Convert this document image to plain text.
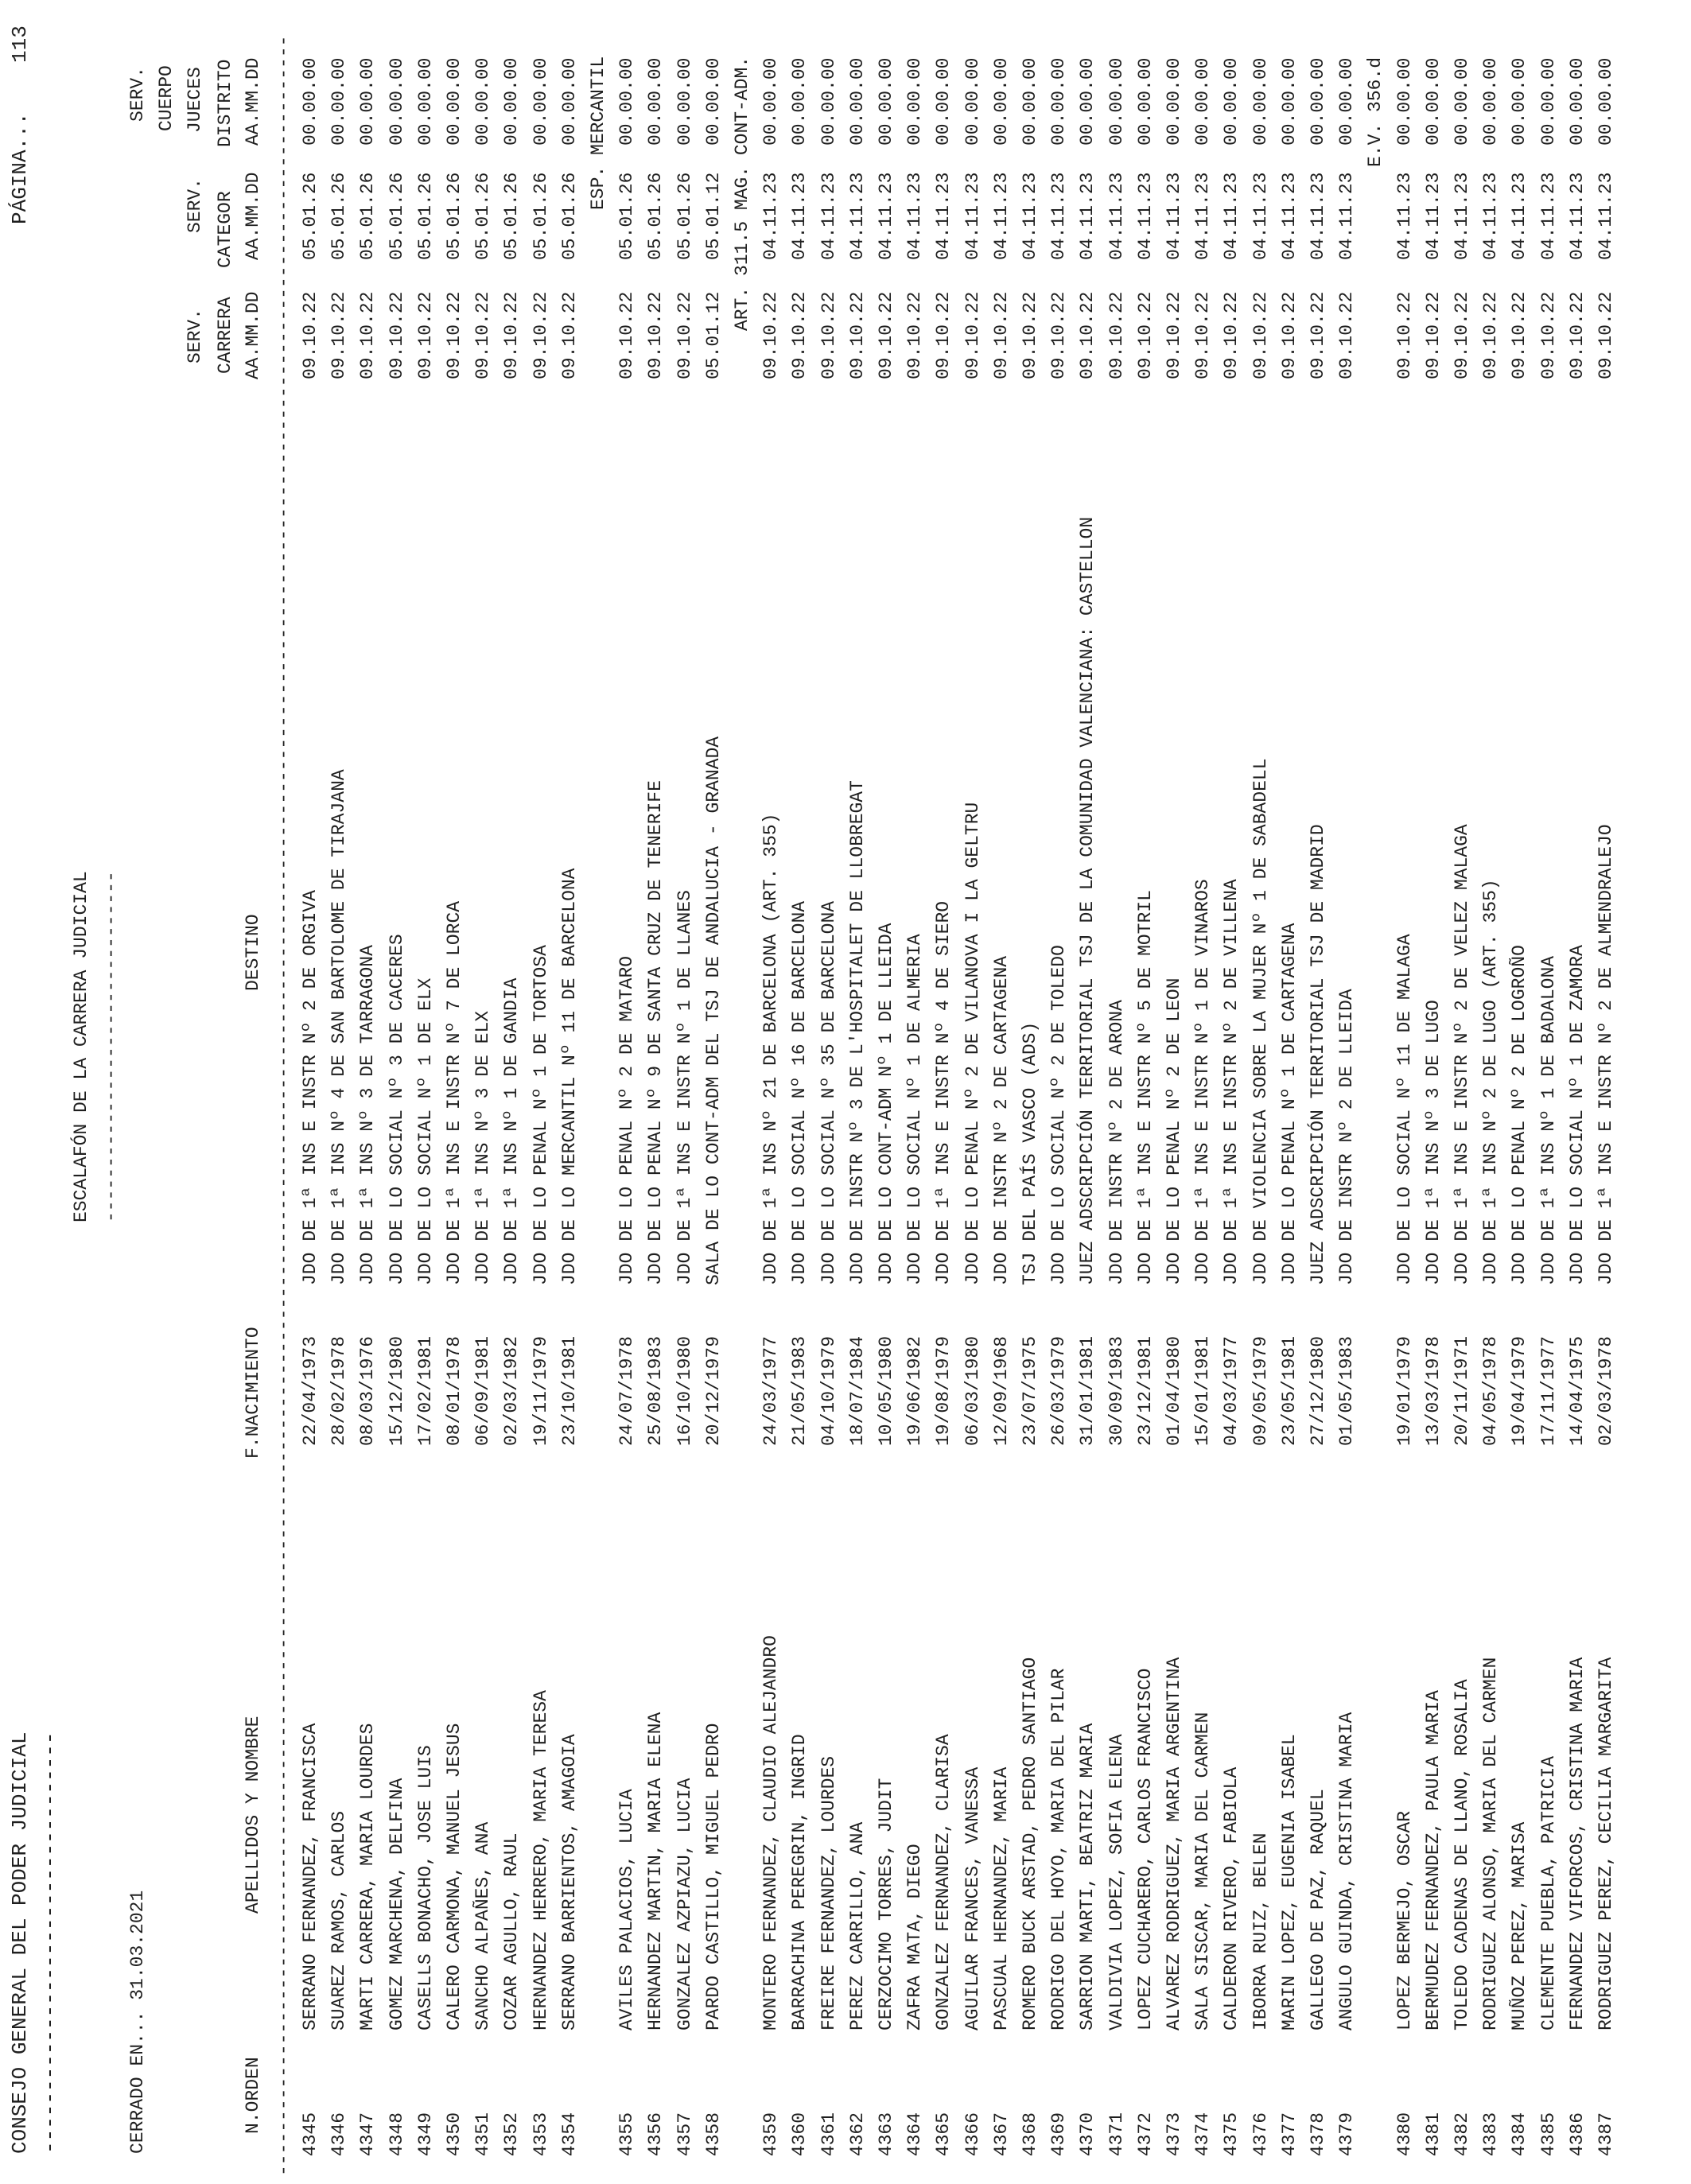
CONSEJO GENERAL DEL PODER JUDICIAL

PÁGINA...

113

----------------------------------

ESCALAFÓN DE LA CARRERA JUDICIAL

--------------------------------

CERRADO EN... 31.03.2021

SERV.

CUERPO

SERV.

SERV.

JUECES

CARRERA

CATEGOR

DISTRITO

N.ORDEN

APELLIDOS Y NOMBRE

F.NACIMIENTO

DESTINO

AA.MM.DD

AA.MM.DD

AA.MM.DD

---------------------------------------------------------------------------------------------------------------------------------------------------------------------------------------------------

4345
SERRANO FERNANDEZ, FRANCISCA
22/04/1973
JDO DE 1ª INS E INSTR Nº 2 DE ORGIVA
09.10.22
05.01.26
00.00.00
4346
SUAREZ RAMOS, CARLOS
28/02/1978
JDO DE 1ª INS Nº 4 DE SAN BARTOLOME DE TIRAJANA
09.10.22
05.01.26
00.00.00
4347
MARTI CARRERA, MARIA LOURDES
08/03/1976
JDO DE 1ª INS Nº 3 DE TARRAGONA
09.10.22
05.01.26
00.00.00
4348
GOMEZ MARCHENA, DELFINA
15/12/1980
JDO DE LO SOCIAL Nº 3 DE CACERES
09.10.22
05.01.26
00.00.00
4349
CASELLS BONACHO, JOSE LUIS
17/02/1981
JDO DE LO SOCIAL Nº 1 DE ELX
09.10.22
05.01.26
00.00.00
4350
CALERO CARMONA, MANUEL JESUS
08/01/1978
JDO DE 1ª INS E INSTR Nº 7 DE LORCA
09.10.22
05.01.26
00.00.00
4351
SANCHO ALPAÑES, ANA
06/09/1981
JDO DE 1ª INS Nº 3 DE ELX
09.10.22
05.01.26
00.00.00
4352
COZAR AGULLO, RAUL
02/03/1982
JDO DE 1ª INS Nº 1 DE GANDIA
09.10.22
05.01.26
00.00.00
4353
HERNANDEZ HERRERO, MARIA TERESA
19/11/1979
JDO DE LO PENAL Nº 1 DE TORTOSA
09.10.22
05.01.26
00.00.00
4354
SERRANO BARRIENTOS, AMAGOIA
23/10/1981
JDO DE LO MERCANTIL Nº 11 DE BARCELONA
09.10.22
05.01.26
00.00.00 ESP. MERCANTIL
4355
AVILES PALACIOS, LUCIA
24/07/1978
JDO DE LO PENAL Nº 2 DE MATARO
09.10.22
05.01.26
00.00.00
4356
HERNANDEZ MARTIN, MARIA ELENA
25/08/1983
JDO DE LO PENAL Nº 9 DE SANTA CRUZ DE TENERIFE
09.10.22
05.01.26
00.00.00
4357
GONZALEZ AZPIAZU, LUCIA
16/10/1980
JDO DE 1ª INS E INSTR Nº 1 DE LLANES
09.10.22
05.01.26
00.00.00
4358
PARDO CASTILLO, MIGUEL PEDRO
20/12/1979
SALA DE LO CONT-ADM DEL TSJ DE ANDALUCIA - GRANADA
05.01.12
05.01.12
00.00.00 ART. 311.5 MAG. CONT-ADM.
4359
MONTERO FERNANDEZ, CLAUDIO ALEJANDRO
24/03/1977
JDO DE 1ª INS Nº 21 DE BARCELONA (ART. 355)
09.10.22
04.11.23
00.00.00
4360
BARRACHINA PEREGRIN, INGRID
21/05/1983
JDO DE LO SOCIAL Nº 16 DE BARCELONA
09.10.22
04.11.23
00.00.00
4361
FREIRE FERNANDEZ, LOURDES
04/10/1979
JDO DE LO SOCIAL Nº 35 DE BARCELONA
09.10.22
04.11.23
00.00.00
4362
PEREZ CARRILLO, ANA
18/07/1984
JDO DE INSTR Nº 3 DE L'HOSPITALET DE LLOBREGAT
09.10.22
04.11.23
00.00.00
4363
CERZOCIMO TORRES, JUDIT
10/05/1980
JDO DE LO CONT-ADM Nº 1 DE LLEIDA
09.10.22
04.11.23
00.00.00
4364
ZAFRA MATA, DIEGO
19/06/1982
JDO DE LO SOCIAL Nº 1 DE ALMERIA
09.10.22
04.11.23
00.00.00
4365
GONZALEZ FERNANDEZ, CLARISA
19/08/1979
JDO DE 1ª INS E INSTR Nº 4 DE SIERO
09.10.22
04.11.23
00.00.00
4366
AGUILAR FRANCES, VANESSA
06/03/1980
JDO DE LO PENAL Nº 2 DE VILANOVA I LA GELTRU
09.10.22
04.11.23
00.00.00
4367
PASCUAL HERNANDEZ, MARIA
12/09/1968
JDO DE INSTR Nº 2 DE CARTAGENA
09.10.22
04.11.23
00.00.00
4368
ROMERO BUCK ARSTAD, PEDRO SANTIAGO
23/07/1975
TSJ DEL PAÍS VASCO (ADS)
09.10.22
04.11.23
00.00.00
4369
RODRIGO DEL HOYO, MARIA DEL PILAR
26/03/1979
JDO DE LO SOCIAL Nº 2 DE TOLEDO
09.10.22
04.11.23
00.00.00
4370
SARRION MARTI, BEATRIZ MARIA
31/01/1981
JUEZ ADSCRIPCIÓN TERRITORIAL TSJ DE LA COMUNIDAD VALENCIANA: CASTELLON
09.10.22
04.11.23
00.00.00
4371
VALDIVIA LOPEZ, SOFIA ELENA
30/09/1983
JDO DE INSTR Nº 2 DE ARONA
09.10.22
04.11.23
00.00.00
4372
LOPEZ CUCHARERO, CARLOS FRANCISCO
23/12/1981
JDO DE 1ª INS E INSTR Nº 5 DE MOTRIL
09.10.22
04.11.23
00.00.00
4373
ALVAREZ RODRIGUEZ, MARIA ARGENTINA
01/04/1980
JDO DE LO PENAL Nº 2 DE LEON
09.10.22
04.11.23
00.00.00
4374
SALA SISCAR, MARIA DEL CARMEN
15/01/1981
JDO DE 1ª INS E INSTR Nº 1 DE VINAROS
09.10.22
04.11.23
00.00.00
4375
CALDERON RIVERO, FABIOLA
04/03/1977
JDO DE 1ª INS E INSTR Nº 2 DE VILLENA
09.10.22
04.11.23
00.00.00
4376
IBORRA RUIZ, BELEN
09/05/1979
JDO DE VIOLENCIA SOBRE LA MUJER Nº 1 DE SABADELL
09.10.22
04.11.23
00.00.00
4377
MARIN LOPEZ, EUGENIA ISABEL
23/05/1981
JDO DE LO PENAL Nº 1 DE CARTAGENA
09.10.22
04.11.23
00.00.00
4378
GALLEGO DE PAZ, RAQUEL
27/12/1980
JUEZ ADSCRIPCIÓN TERRITORIAL TSJ DE MADRID
09.10.22
04.11.23
00.00.00
4379
ANGULO GUINDA, CRISTINA MARIA
01/05/1983
JDO DE INSTR Nº 2 DE LLEIDA
09.10.22
04.11.23
00.00.00 E.V. 356.d
4380
LOPEZ BERMEJO, OSCAR
19/01/1979
JDO DE LO SOCIAL Nº 11 DE MALAGA
09.10.22
04.11.23
00.00.00
4381
BERMUDEZ FERNANDEZ, PAULA MARIA
13/03/1978
JDO DE 1ª INS Nº 3 DE LUGO
09.10.22
04.11.23
00.00.00
4382
TOLEDO CADENAS DE LLANO, ROSALIA
20/11/1971
JDO DE 1ª INS E INSTR Nº 2 DE VELEZ MALAGA
09.10.22
04.11.23
00.00.00
4383
RODRIGUEZ ALONSO, MARIA DEL CARMEN
04/05/1978
JDO DE 1ª INS Nº 2 DE LUGO (ART. 355)
09.10.22
04.11.23
00.00.00
4384
MUÑOZ PEREZ, MARISA
19/04/1979
JDO DE LO PENAL Nº 2 DE LOGROÑO
09.10.22
04.11.23
00.00.00
4385
CLEMENTE PUEBLA, PATRICIA
17/11/1977
JDO DE 1ª INS Nº 1 DE BADALONA
09.10.22
04.11.23
00.00.00
4386
FERNANDEZ VIFORCOS, CRISTINA MARIA
14/04/1975
JDO DE LO SOCIAL Nº 1 DE ZAMORA
09.10.22
04.11.23
00.00.00
4387
RODRIGUEZ PEREZ, CECILIA MARGARITA
02/03/1978
JDO DE 1ª INS E INSTR Nº 2 DE ALMENDRALEJO
09.10.22
04.11.23
00.00.00
